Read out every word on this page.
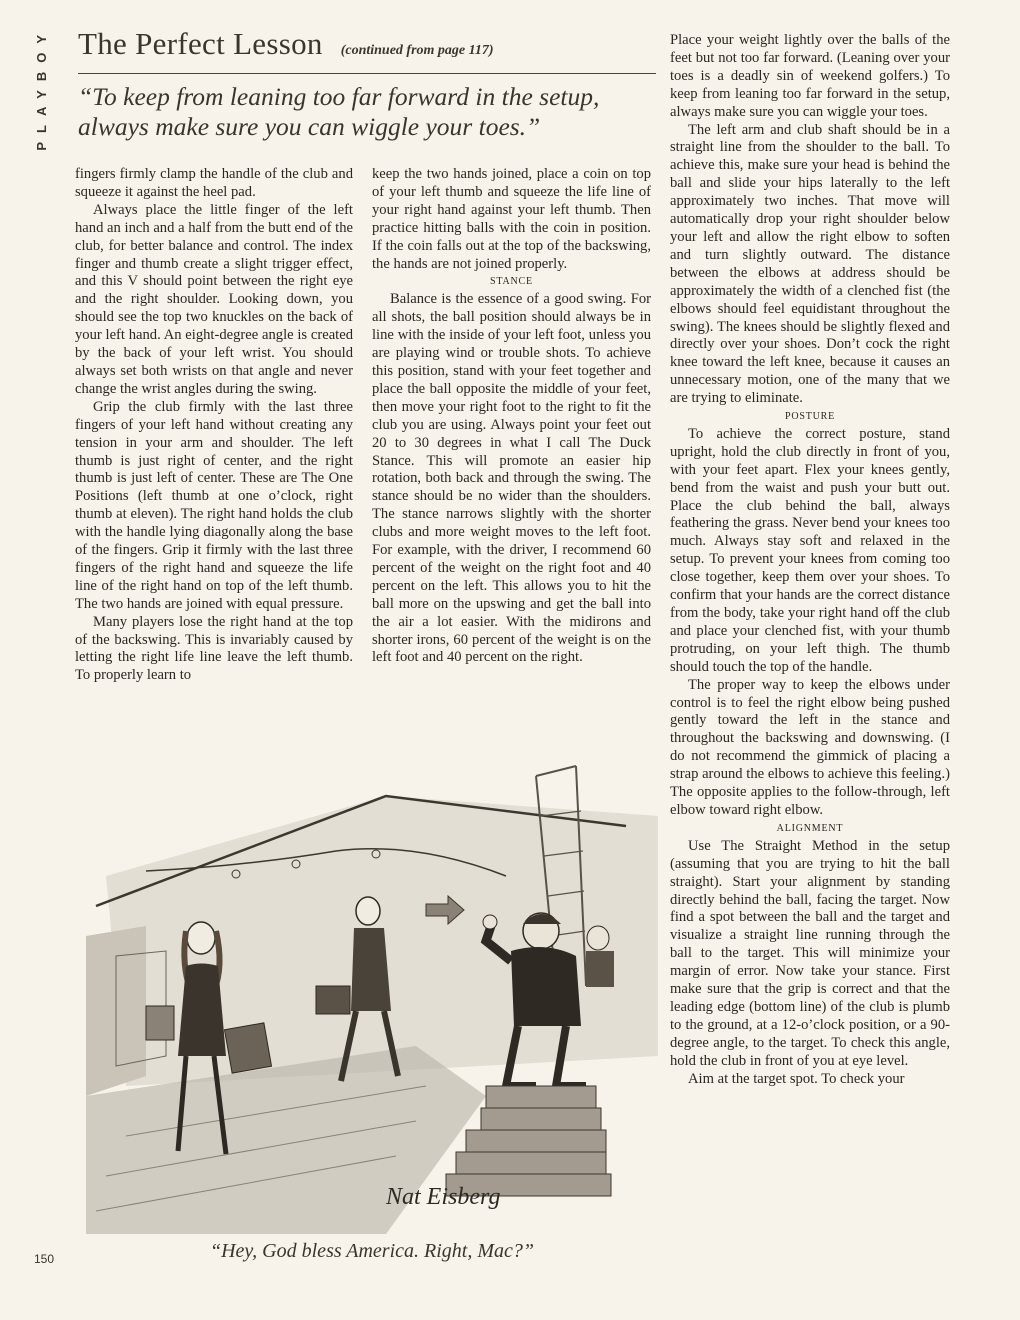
PLAYBOY The Perfect Lesson (continued from page 117)
“To keep from leaning too far forward in the setup, always make sure you can wiggle your toes.”

fingers firmly clamp the handle of the club and squeeze it against the heel pad.

Always place the little finger of the left hand an inch and a half from the butt end of the club, for better balance and control. The index finger and thumb create a slight trigger effect, and this V should point between the right eye and the right shoulder. Looking down, you should see the top two knuckles on the back of your left hand. An eight-degree angle is created by the back of your left wrist. You should always set both wrists on that angle and never change the wrist angles during the swing.

Grip the club firmly with the last three fingers of your left hand without creating any tension in your arm and shoulder. The left thumb is just right of center, and the right thumb is just left of center. These are The One Positions (left thumb at one o’clock, right thumb at eleven). The right hand holds the club with the handle lying diagonally along the base of the fingers. Grip it firmly with the last three fingers of the right hand and squeeze the life line of the right hand on top of the left thumb. The two hands are joined with equal pressure.

Many players lose the right hand at the top of the backswing. This is invariably caused by letting the right life line leave the left thumb. To properly learn to

keep the two hands joined, place a coin on top of your left thumb and squeeze the life line of your right hand against your left thumb. Then practice hitting balls with the coin in position. If the coin falls out at the top of the backswing, the hands are not joined properly.

STANCE

Balance is the essence of a good swing. For all shots, the ball position should always be in line with the inside of your left foot, unless you are playing wind or trouble shots. To achieve this position, stand with your feet together and place the ball opposite the middle of your feet, then move your right foot to the right to fit the club you are using. Always point your feet out 20 to 30 degrees in what I call The Duck Stance. This will promote an easier hip rotation, both back and through the swing. The stance should be no wider than the shoulders. The stance narrows slightly with the shorter clubs and more weight moves to the left foot. For example, with the driver, I recommend 60 percent of the weight on the right foot and 40 percent on the left. This allows you to hit the ball more on the upswing and get the ball into the air a lot easier. With the midirons and shorter irons, 60 percent of the weight is on the left foot and 40 percent on the right.

Place your weight lightly over the balls of the feet but not too far forward. (Leaning over your toes is a deadly sin of weekend golfers.) To keep from leaning too far forward in the setup, always make sure you can wiggle your toes.

The left arm and club shaft should be in a straight line from the shoulder to the ball. To achieve this, make sure your head is behind the ball and slide your hips laterally to the left approximately two inches. That move will automatically drop your right shoulder below your left and allow the right elbow to soften and turn slightly outward. The distance between the elbows at address should be approximately the width of a clenched fist (the elbows should feel equidistant throughout the swing). The knees should be slightly flexed and directly over your shoes. Don’t cock the right knee toward the left knee, because it causes an unnecessary motion, one of the many that we are trying to eliminate.

POSTURE

To achieve the correct posture, stand upright, hold the club directly in front of you, with your feet apart. Flex your knees gently, bend from the waist and push your butt out. Place the club behind the ball, always feathering the grass. Never bend your knees too much. Always stay soft and relaxed in the setup. To prevent your knees from coming too close together, keep them over your shoes. To confirm that your hands are the correct distance from the body, take your right hand off the club and place your clenched fist, with your thumb protruding, on your left thigh. The thumb should touch the top of the handle.

The proper way to keep the elbows under control is to feel the right elbow being pushed gently toward the left in the stance and throughout the backswing and downswing. (I do not recommend the gimmick of placing a strap around the elbows to achieve this feeling.) The opposite applies to the follow-through, left elbow toward right elbow.

ALIGNMENT

Use The Straight Method in the setup (assuming that you are trying to hit the ball straight). Start your alignment by standing directly behind the ball, facing the target. Now find a spot between the ball and the target and visualize a straight line running through the ball to the target. This will minimize your margin of error. Now take your stance. First make sure that the grip is correct and that the leading edge (bottom line) of the club is plumb to the ground, at a 12-o’clock position, or a 90-degree angle, to the target. To check this angle, hold the club in front of you at eye level.

Aim at the target spot. To check your

Nat Eisberg
“Hey, God bless America. Right, Mac?”
150
